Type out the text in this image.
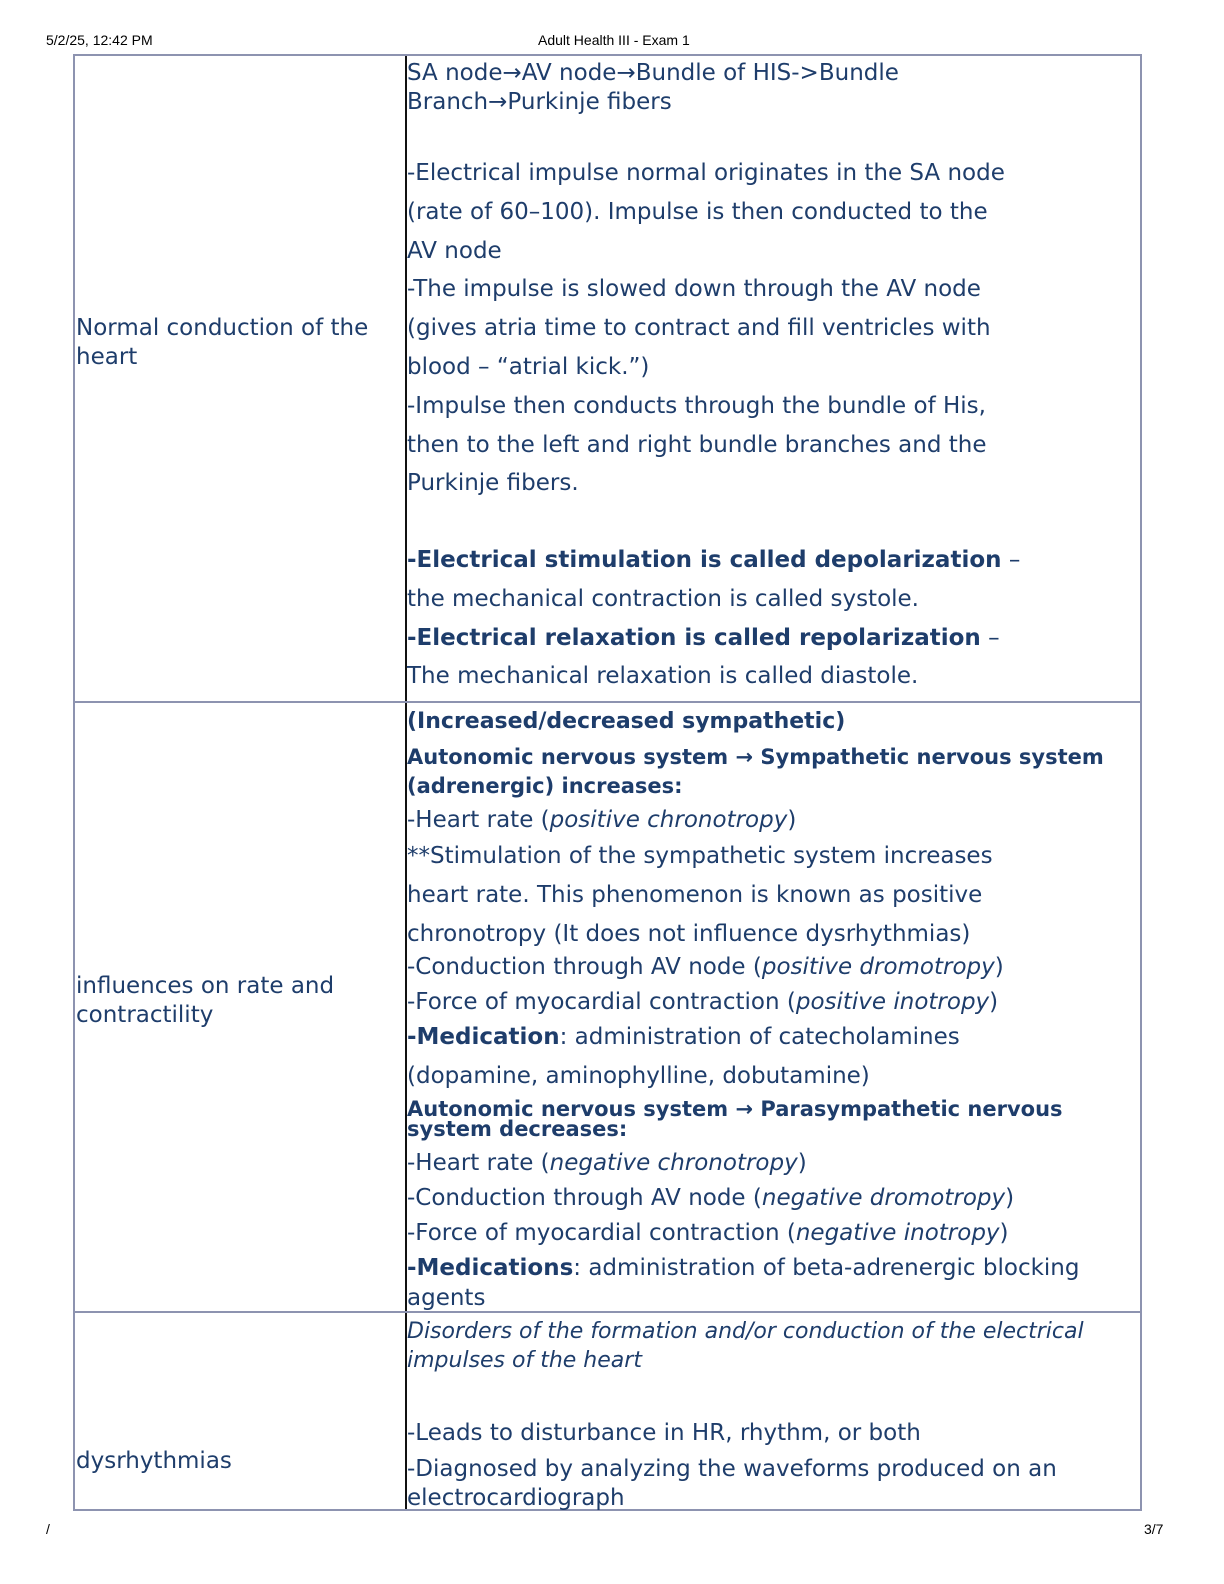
5/2/25, 12:42 PM	Adult Health III - Exam 1
Normal conduction of the heart
SA node→AV node→Bundle of HIS->Bundle
Branch→Purkinje fibers
-Electrical impulse normal originates in the SA node
(rate of 60–100). Impulse is then conducted to the
AV node
-The impulse is slowed down through the AV node
(gives atria time to contract and fill ventricles with
blood – “atrial kick.”)
-Impulse then conducts through the bundle of His,
then to the left and right bundle branches and the
Purkinje fibers.
-Electrical stimulation is called depolarization –
the mechanical contraction is called systole.
-Electrical relaxation is called repolarization –
The mechanical relaxation is called diastole.
influences on rate and contractility
(Increased/decreased sympathetic)
Autonomic nervous system → Sympathetic nervous system
(adrenergic) increases:
-Heart rate (positive chronotropy)
**Stimulation of the sympathetic system increases
heart rate. This phenomenon is known as positive
chronotropy (It does not influence dysrhythmias)
-Conduction through AV node (positive dromotropy)
-Force of myocardial contraction (positive inotropy)
-Medication: administration of catecholamines
(dopamine, aminophylline, dobutamine)
Autonomic nervous system → Parasympathetic nervous
system decreases:
-Heart rate (negative chronotropy)
-Conduction through AV node (negative dromotropy)
-Force of myocardial contraction (negative inotropy)
-Medications: administration of beta-adrenergic blocking
agents
dysrhythmias
Disorders of the formation and/or conduction of the electrical
impulses of the heart
-Leads to disturbance in HR, rhythm, or both
-Diagnosed by analyzing the waveforms produced on an
electrocardiograph
/	3/7
